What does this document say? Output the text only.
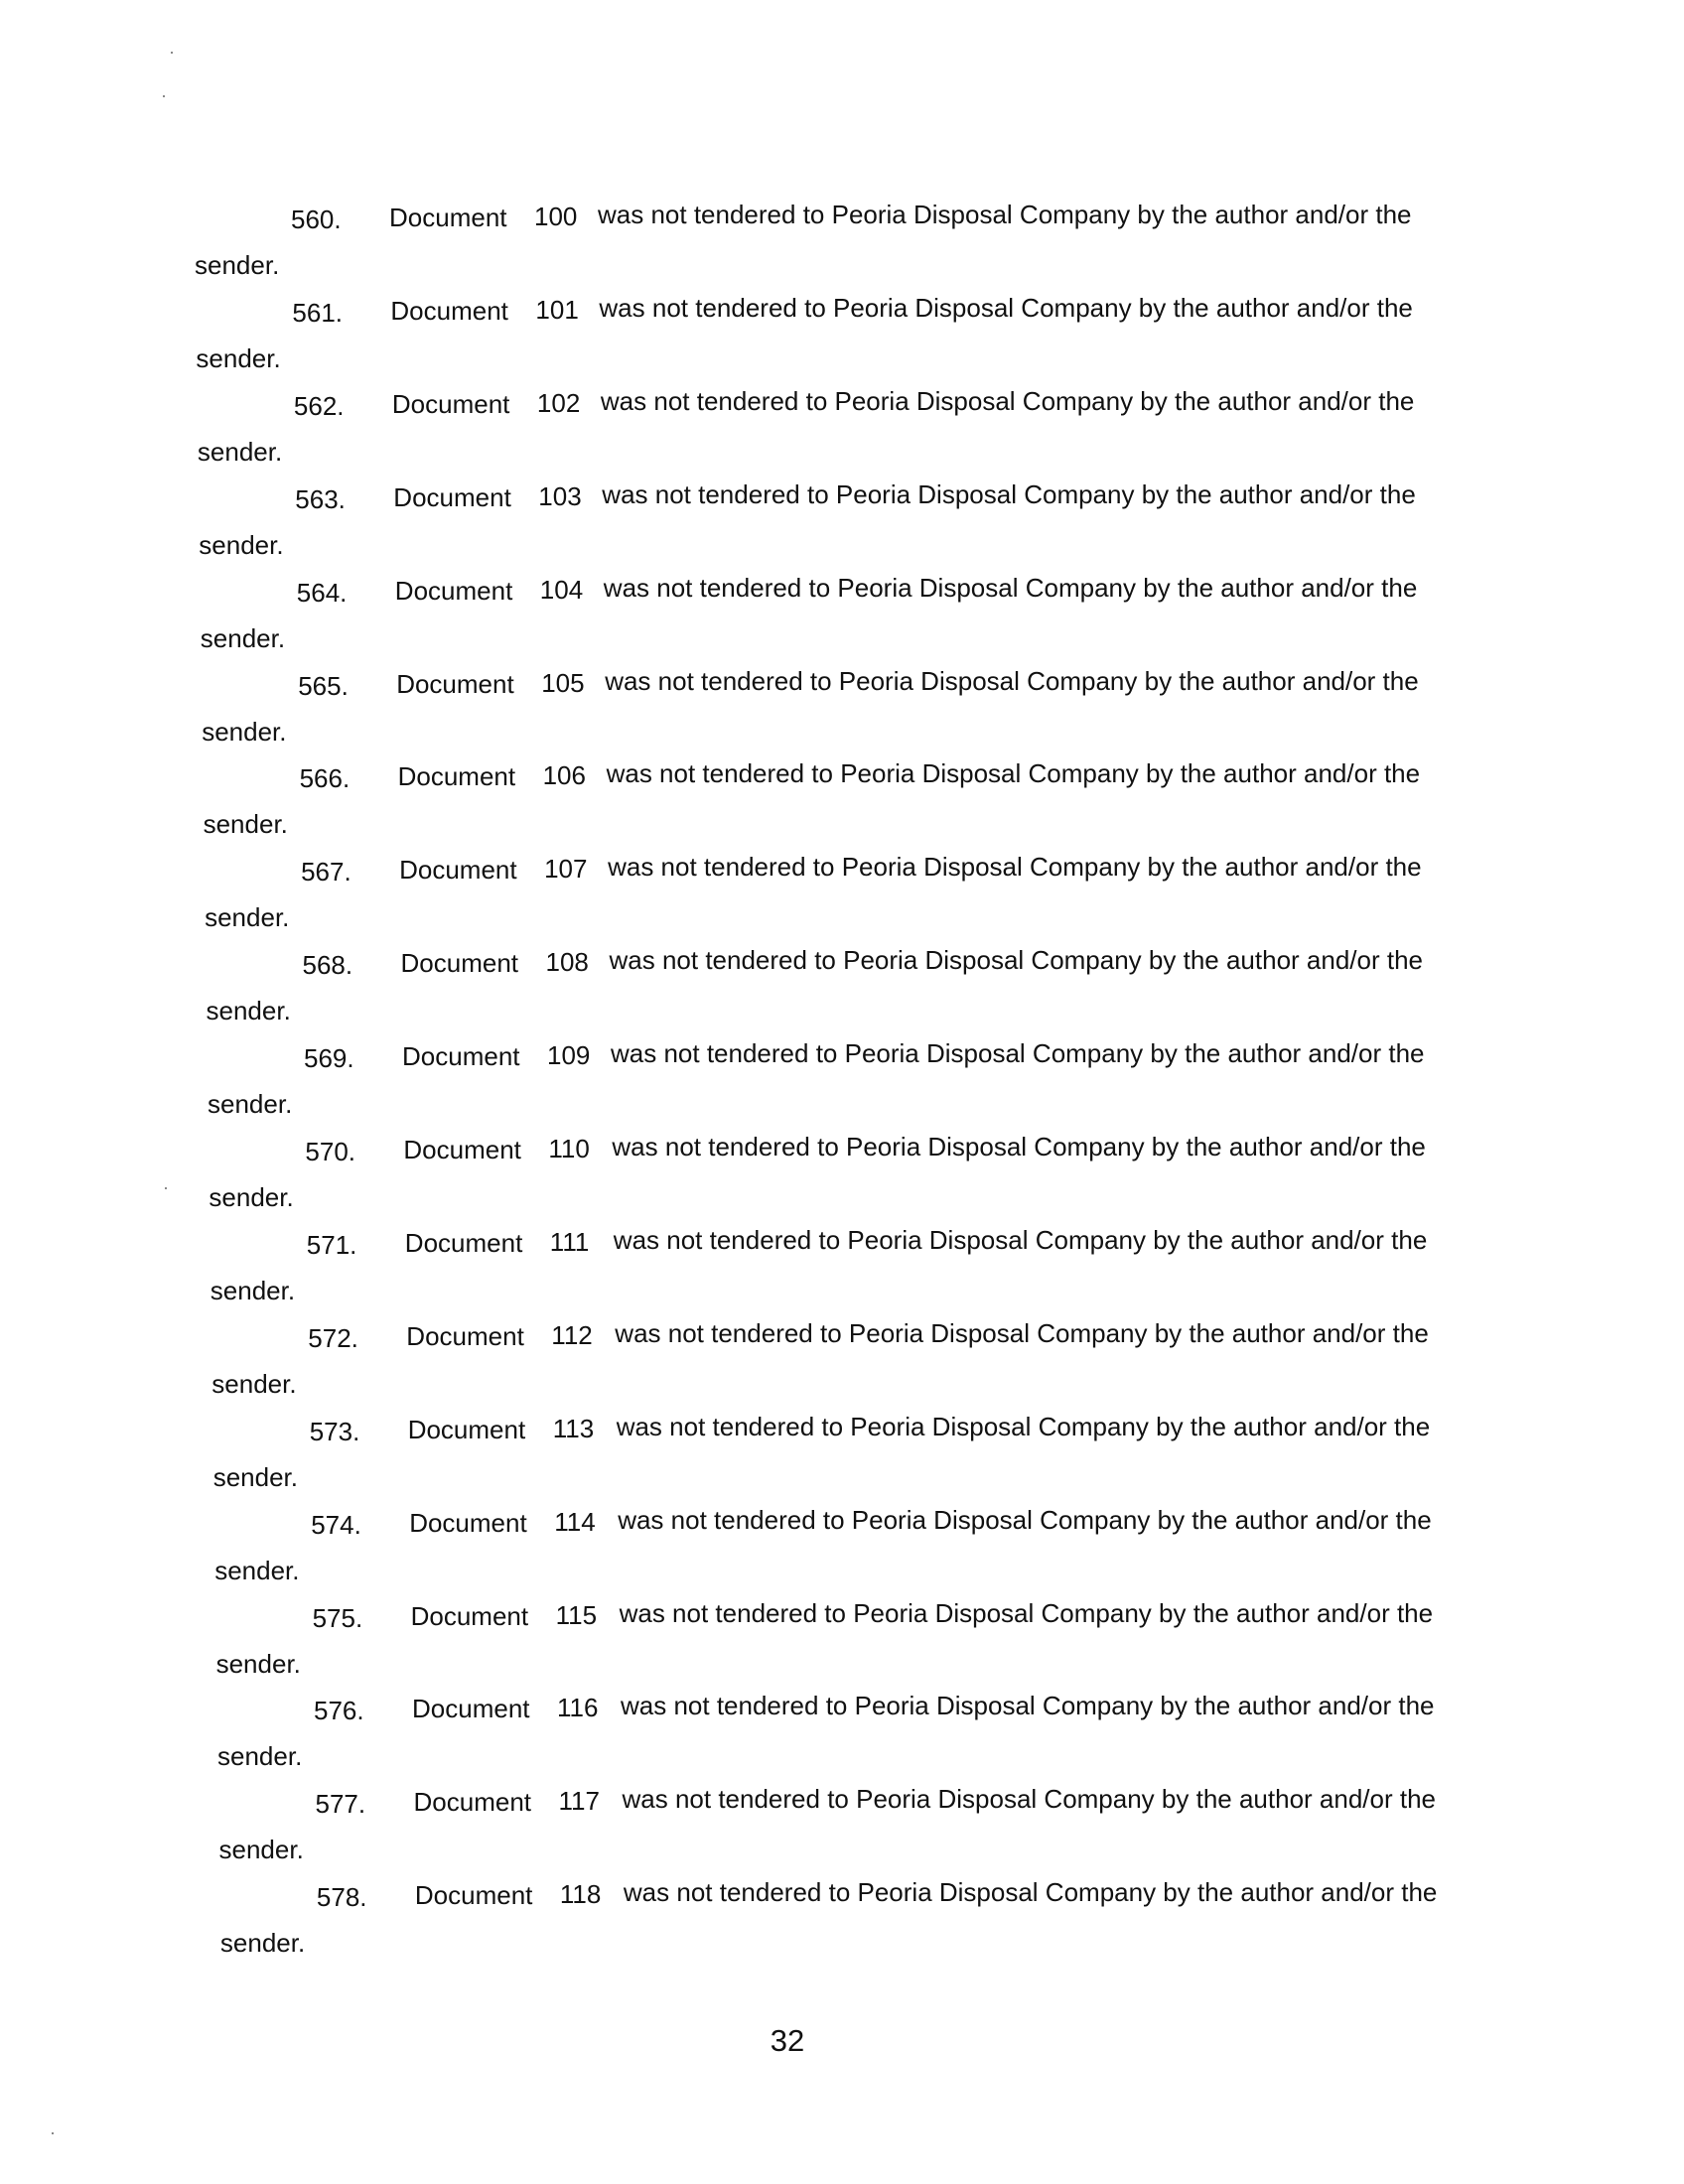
560. Document 100 was not tendered to Peoria Disposal Company by the author and/or the
sender.
561. Document 101 was not tendered to Peoria Disposal Company by the author and/or the
sender.
562. Document 102 was not tendered to Peoria Disposal Company by the author and/or the
sender.
563. Document 103 was not tendered to Peoria Disposal Company by the author and/or the
sender.
564. Document 104 was not tendered to Peoria Disposal Company by the author and/or the
sender.
565. Document 105 was not tendered to Peoria Disposal Company by the author and/or the
sender.
566. Document 106 was not tendered to Peoria Disposal Company by the author and/or the
sender.
567. Document 107 was not tendered to Peoria Disposal Company by the author and/or the
sender.
568. Document 108 was not tendered to Peoria Disposal Company by the author and/or the
sender.
569. Document 109 was not tendered to Peoria Disposal Company by the author and/or the
sender.
570. Document 110 was not tendered to Peoria Disposal Company by the author and/or the
sender.
571. Document 111 was not tendered to Peoria Disposal Company by the author and/or the
sender.
572. Document 112 was not tendered to Peoria Disposal Company by the author and/or the
sender.
573. Document 113 was not tendered to Peoria Disposal Company by the author and/or the
sender.
574. Document 114 was not tendered to Peoria Disposal Company by the author and/or the
sender.
575. Document 115 was not tendered to Peoria Disposal Company by the author and/or the
sender.
576. Document 116 was not tendered to Peoria Disposal Company by the author and/or the
sender.
577. Document 117 was not tendered to Peoria Disposal Company by the author and/or the
sender.
578. Document 118 was not tendered to Peoria Disposal Company by the author and/or the
sender.
32
